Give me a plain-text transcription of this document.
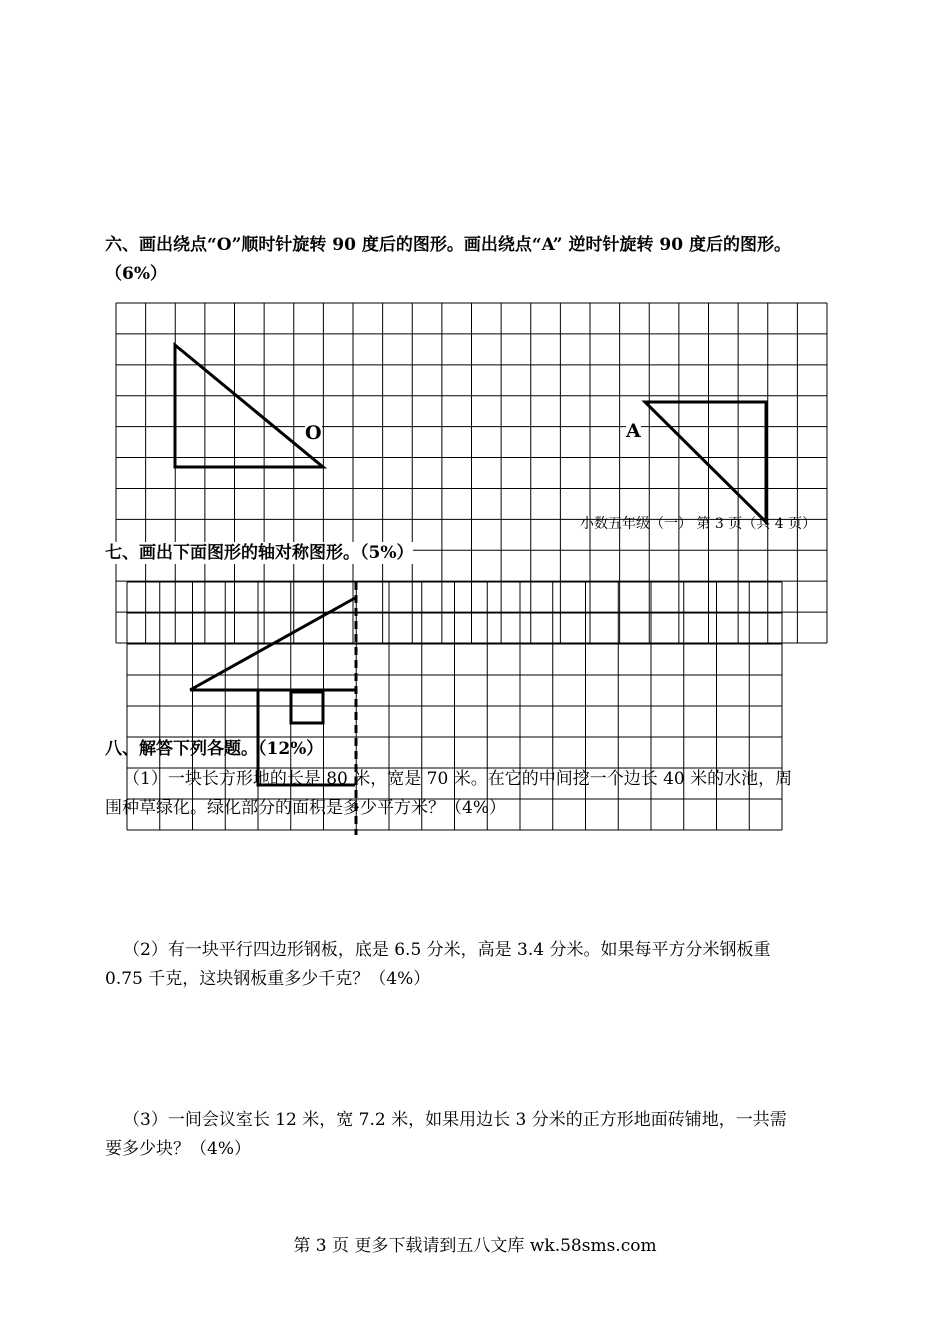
六、画出绕点“O”顺时针旋转 90 度后的图形。画出绕点“A” 逆时针旋转 90 度后的图形。
（6%）
O	A
小数五年级（一） 第 3 页（共 4 页）
七、画出下面图形的轴对称图形。（5%）
八、解答下列各题。（12%）
（1）一块长方形地的长是 80 米，宽是 70 米。在它的中间挖一个边长 40 米的水池，周
围种草绿化。绿化部分的面积是多少平方米？（4%）
（2）有一块平行四边形钢板，底是 6.5 分米，高是 3.4 分米。如果每平方分米钢板重
0.75 千克，这块钢板重多少千克？（4%）
（3）一间会议室长 12 米，宽 7.2 米，如果用边长 3 分米的正方形地面砖铺地，一共需
要多少块？（4%）
第 3 页 更多下载请到五八文库 wk.58sms.com
